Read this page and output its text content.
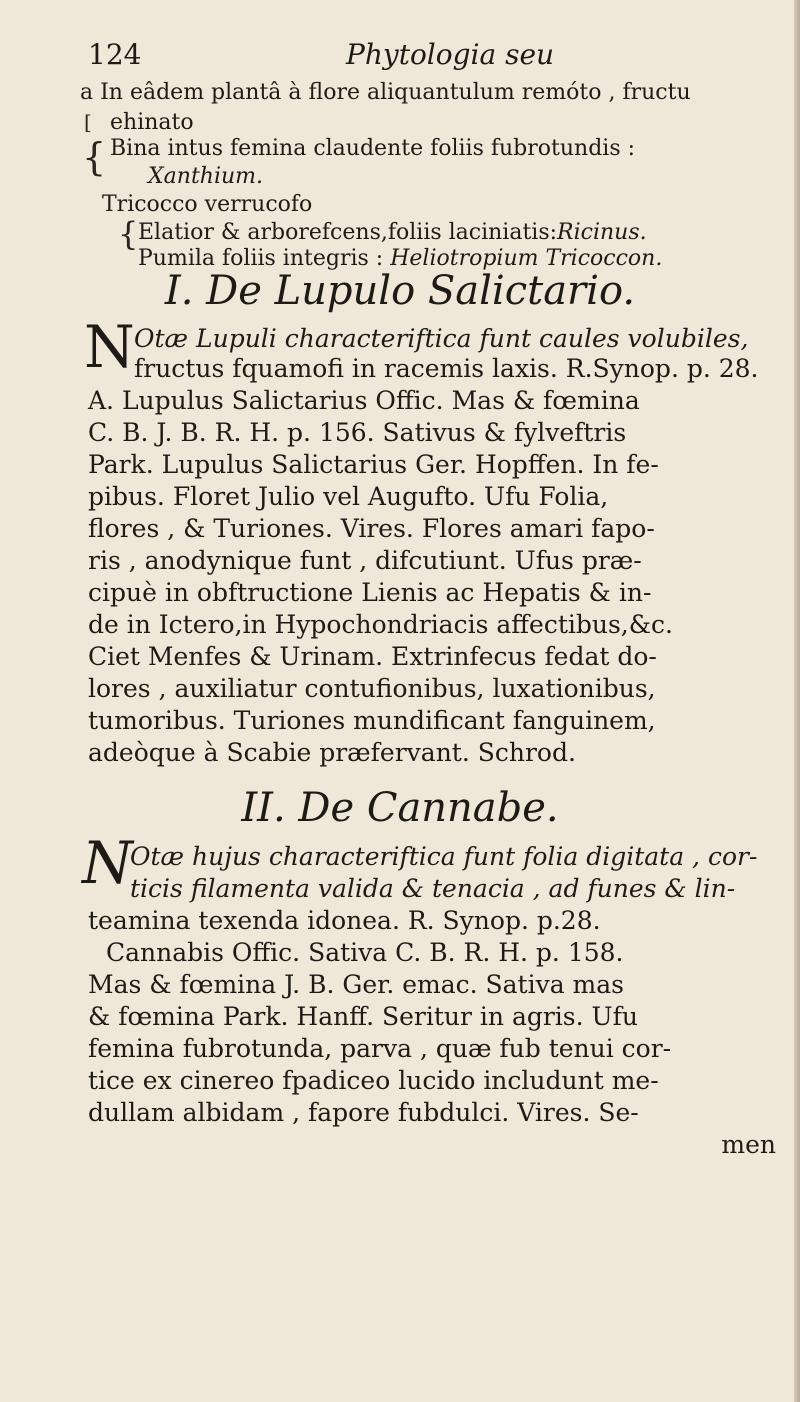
124	Phytologia seu
a In eâdem plantâ à flore aliquantulum remóto , fructu
[ ehinato
{ Bina intus femina claudente foliis fubrotundis :
Xanthium.
Tricocco verrucofo
{ Elatior & arborefcens,foliis laciniatis:Ricinus.
Pumila foliis integris : Heliotropium Tricoccon.
I. De Lupulo Salictario.
N Otæ Lupuli characteriftica funt caules volubiles,
fructus fquamofi in racemis laxis. R.Synop. p. 28.
A. Lupulus Salictarius Offic. Mas & fœmina
C. B. J. B. R. H. p. 156. Sativus & fylveftris
Park. Lupulus Salictarius Ger. Hopffen. In fe-
pibus. Floret Julio vel Augufto. Ufu Folia,
flores , & Turiones. Vires. Flores amari fapo-
ris , anodynique funt , difcutiunt. Ufus præ-
cipuè in obftructione Lienis ac Hepatis & in-
de in Ictero,in Hypochondriacis affectibus,&c.
Ciet Menfes & Urinam. Extrinfecus fedat do-
lores , auxiliatur contufionibus, luxationibus,
tumoribus. Turiones mundificant fanguinem,
adeòque à Scabie præfervant. Schrod.
II. De Cannabe.
N
Otæ hujus characteriftica funt folia digitata , cor-
ticis filamenta valida & tenacia , ad funes & lin-
teamina texenda idonea. R. Synop. p.28.
Cannabis Offic. Sativa C. B. R. H. p. 158.
Mas & fœmina J. B. Ger. emac. Sativa mas
& fœmina Park. Hanff. Seritur in agris. Ufu
femina fubrotunda, parva , quæ fub tenui cor-
tice ex cinereo fpadiceo lucido includunt me-
dullam albidam , fapore fubdulci. Vires. Se-
men
